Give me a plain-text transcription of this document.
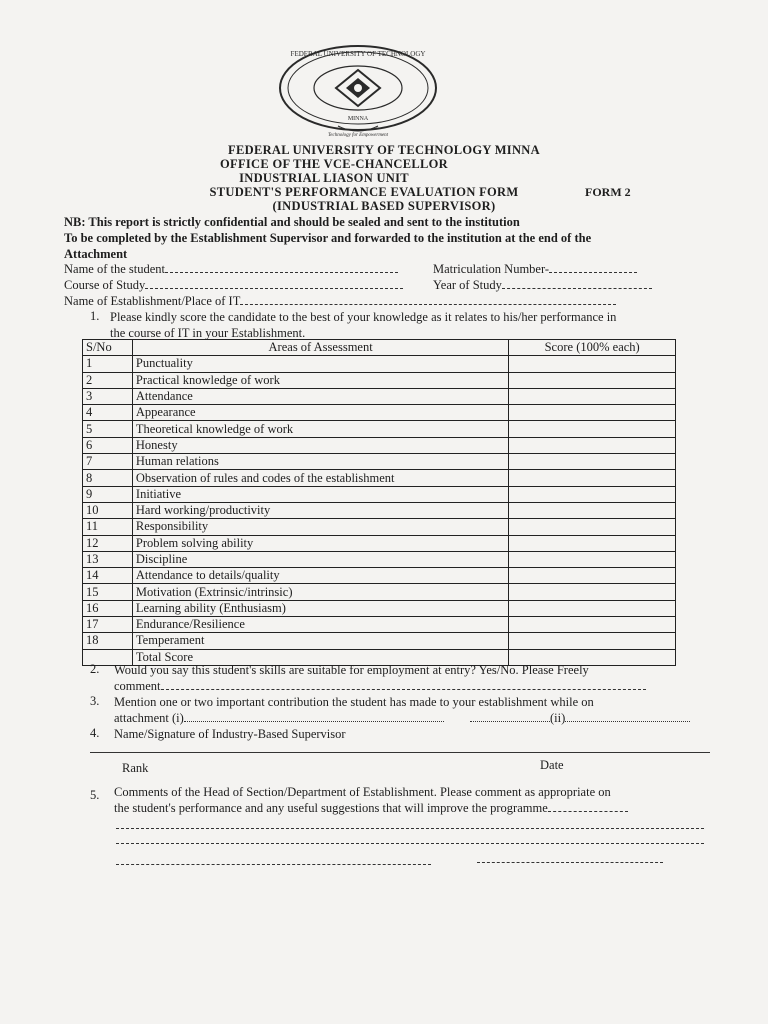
FEDERAL UNIVERSITY OF TECHNOLOGY
MINNA
Technology for Empowerment
FEDERAL UNIVERSITY OF TECHNOLOGY MINNA
OFFICE OF THE VCE-CHANCELLOR
INDUSTRIAL LIASON UNIT
STUDENT'S PERFORMANCE EVALUATION FORM
(INDUSTRIAL BASED SUPERVISOR)
FORM 2
NB: This report is strictly confidential and should be sealed and sent to the institution
To be completed by the Establishment Supervisor and forwarded to the institution at the end of the
Attachment
Name of the student	Matriculation Number-
Course of Study	Year of Study
Name of Establishment/Place of IT
1. Please kindly score the candidate to the best of your knowledge as it relates to his/her performance in
the course of IT in your Establishment.
S/No	Areas of Assessment	Score (100% each)
1	Punctuality	
2	Practical knowledge of work	
3	Attendance	
4	Appearance	
5	Theoretical knowledge of work	
6	Honesty	
7	Human relations	
8	Observation of rules and codes of the establishment	
9	Initiative	
10	Hard working/productivity	
11	Responsibility	
12	Problem solving ability	
13	Discipline	
14	Attendance to details/quality	
15	Motivation (Extrinsic/intrinsic)	
16	Learning ability (Enthusiasm)	
17	Endurance/Resilience	
18	Temperament	
	Total Score	
2. Would you say this student's skills are suitable for employment at entry? Yes/No. Please Freely
comment
3. Mention one or two important contribution the student has made to your establishment while on
attachment (i)	(ii)
4. Name/Signature of Industry-Based Supervisor
Rank	Date
5. Comments of the Head of Section/Department of Establishment. Please comment as appropriate on
the student's performance and any useful suggestions that will improve the programme
